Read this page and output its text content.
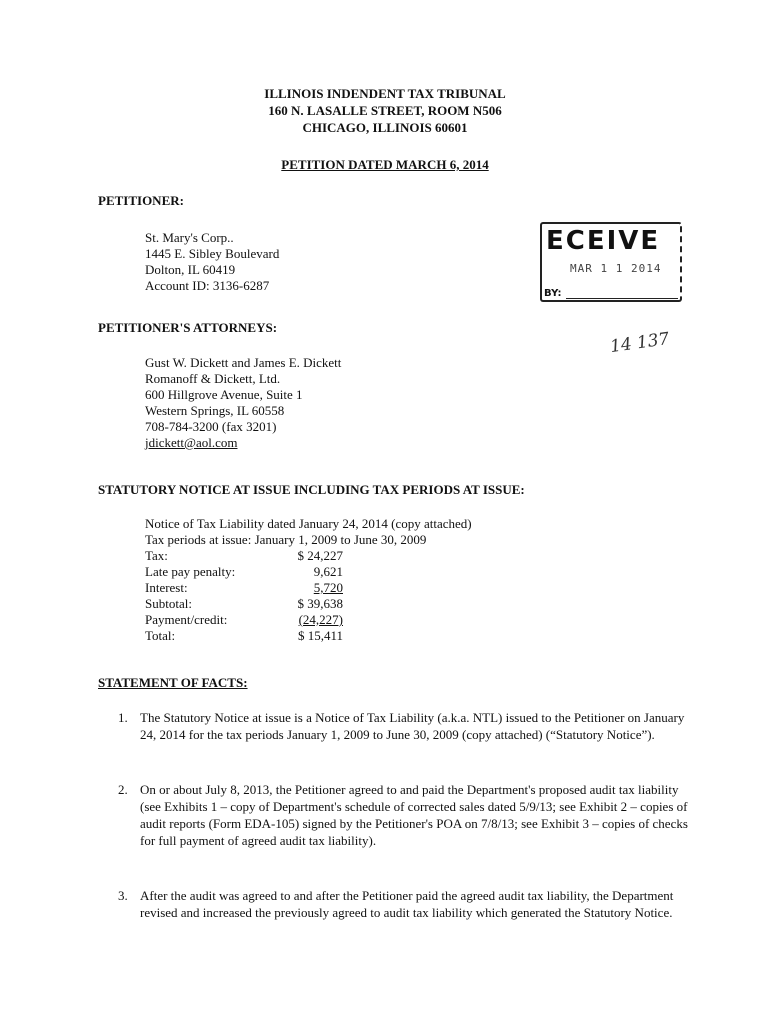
ILLINOIS INDENDENT TAX TRIBUNAL
160 N. LASALLE STREET, ROOM N506
CHICAGO, ILLINOIS 60601
PETITION DATED MARCH 6, 2014
PETITIONER:
St. Mary's Corp..
1445 E. Sibley Boulevard
Dolton, IL 60419
Account ID: 3136-6287
ECEIVE
MAR 1 1 2014
BY:
14 137
PETITIONER'S ATTORNEYS:
Gust W. Dickett and James E. Dickett
Romanoff & Dickett, Ltd.
600 Hillgrove Avenue, Suite 1
Western Springs, IL 60558
708-784-3200 (fax 3201)
jdickett@aol.com
STATUTORY NOTICE AT ISSUE INCLUDING TAX PERIODS AT ISSUE:
Notice of Tax Liability dated January 24, 2014 (copy attached)
Tax periods at issue: January 1, 2009 to June 30, 2009
Tax:	$ 24,227
Late pay penalty:	9,621
Interest:	5,720
Subtotal:	$ 39,638
Payment/credit:	(24,227)
Total:	$ 15,411
STATEMENT OF FACTS:
1. The Statutory Notice at issue is a Notice of Tax Liability (a.k.a. NTL) issued to the Petitioner on January 24, 2014 for the tax periods January 1, 2009 to June 30, 2009 (copy attached) (“Statutory Notice”).
2. On or about July 8, 2013, the Petitioner agreed to and paid the Department's proposed audit tax liability (see Exhibits 1 – copy of Department's schedule of corrected sales dated 5/9/13; see Exhibit 2 – copies of audit reports (Form EDA-105) signed by the Petitioner's POA on 7/8/13; see Exhibit 3 – copies of checks for full payment of agreed audit tax liability).
3. After the audit was agreed to and after the Petitioner paid the agreed audit tax liability, the Department revised and increased the previously agreed to audit tax liability which generated the Statutory Notice.
